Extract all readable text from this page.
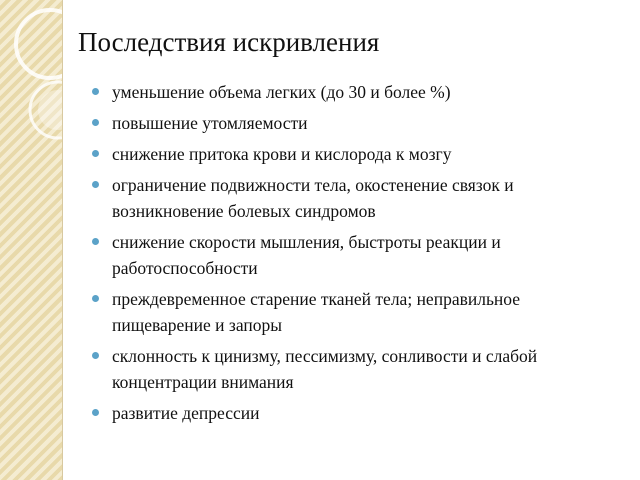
Последствия искривления
уменьшение объема легких (до 30 и более %)
повышение утомляемости
снижение притока крови и кислорода к мозгу
ограничение подвижности тела, окостенение связок и возникновение болевых синдромов
снижение скорости мышления, быстроты реакции и работоспособности
преждевременное старение тканей тела; неправильное пищеварение и запоры
склонность к цинизму, пессимизму, сонливости и слабой концентрации внимания
развитие депрессии
